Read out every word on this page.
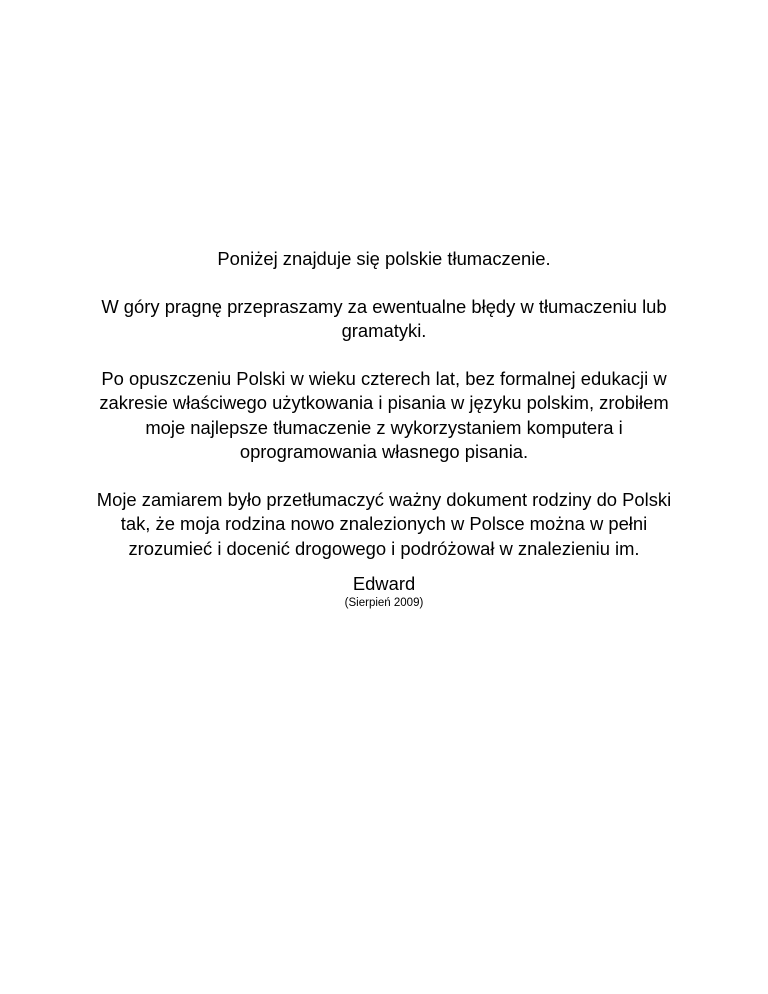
Poniżej znajduje się polskie tłumaczenie.

W góry pragnę przepraszamy za ewentualne błędy w tłumaczeniu lub gramatyki.

Po opuszczeniu Polski w wieku czterech lat, bez formalnej edukacji w zakresie właściwego użytkowania i pisania w języku polskim, zrobiłem moje najlepsze tłumaczenie z wykorzystaniem komputera i oprogramowania własnego pisania.

Moje zamiarem było przetłumaczyć ważny dokument rodziny do Polski tak, że moja rodzina nowo znalezionych w Polsce można w pełni zrozumieć i docenić drogowego i podróżował w znalezieniu im.

Edward

(Sierpień 2009)
